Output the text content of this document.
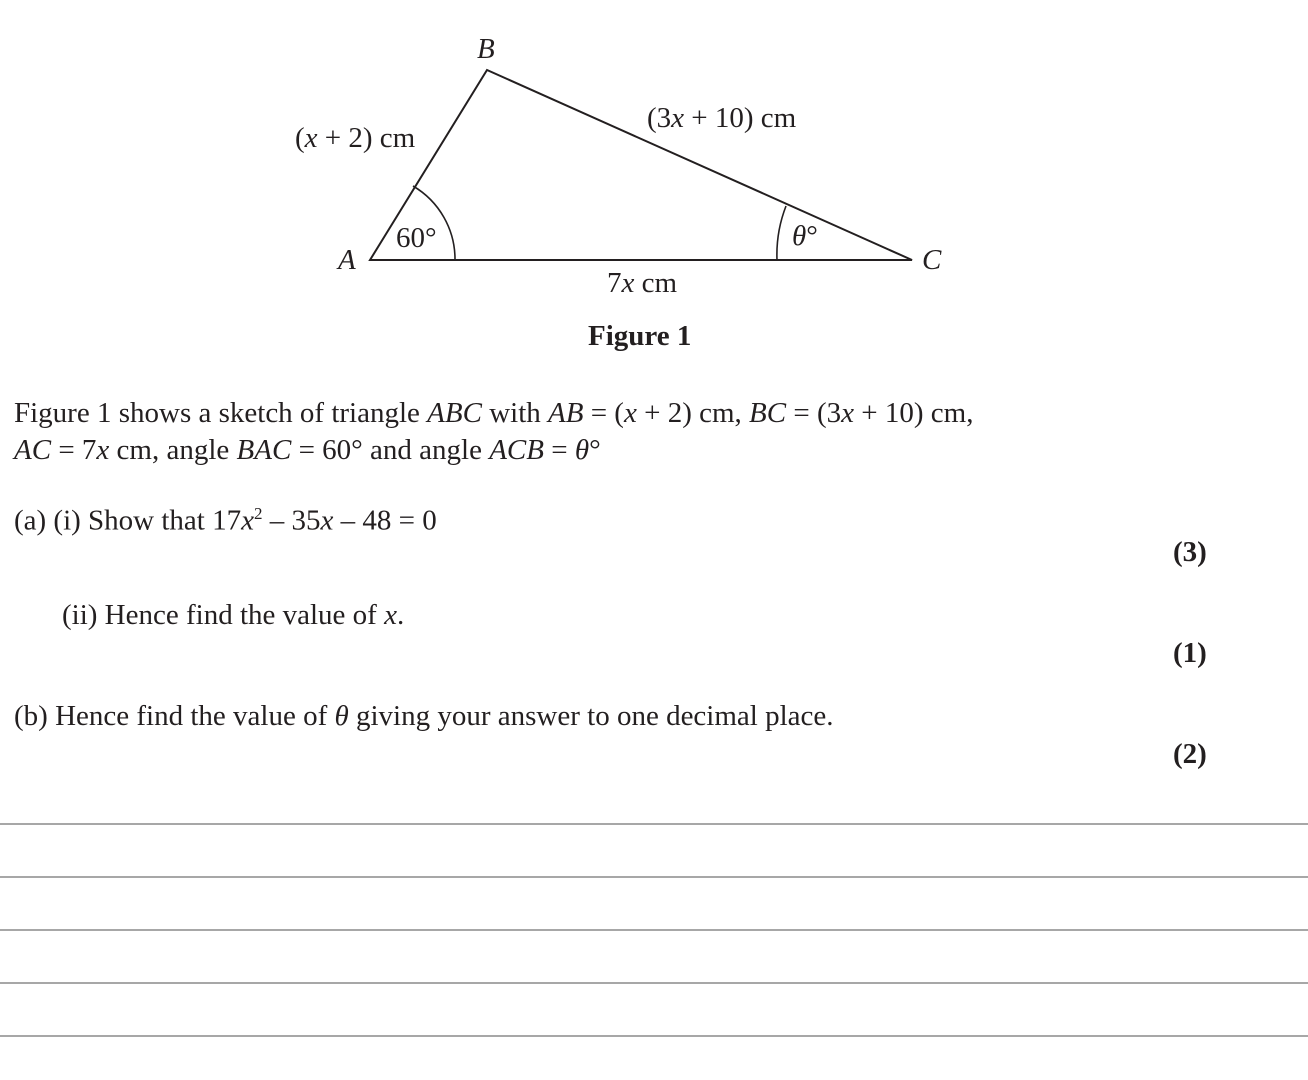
B
A	C
(x + 2) cm
(3x + 10) cm
7x cm
60°	θ°
Figure 1
Figure 1 shows a sketch of triangle ABC with AB = (x + 2) cm, BC = (3x + 10) cm,
AC = 7x cm, angle BAC = 60° and angle ACB = θ°
(a) (i) Show that $17x^2 - 35x - 48 = 0$
(3)
(ii) Hence find the value of x.
(1)
(b) Hence find the value of θ giving your answer to one decimal place.
(2)
